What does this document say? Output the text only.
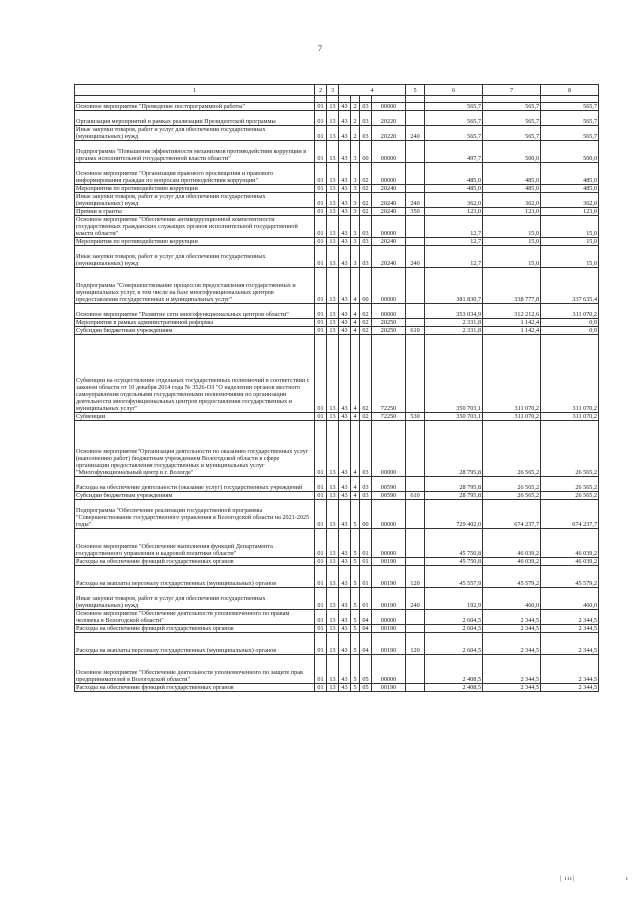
7
1	2	3	4				5	6	7	8

Основное мероприятие "Проведение постпрограммной работы"	01	13	43	2	03	00000		565,7	565,7	565,7
Организация мероприятий в рамках реализации Президентской программы	01	13	43	2	03	20220		565,7	565,7	565,7
Иные закупки товаров, работ и услуг для обеспечения государственных (муниципальных) нужд	01	13	43	2	03	20220	240	565,7	565,7	565,7
Подпрограмма "Повышение эффективности механизмов противодействия коррупции в органах исполнительной государственной власти области"	01	13	43	3	00	00000		497,7	500,0	500,0
Основное мероприятие "Организация правового просвещения и правового информирования граждан по вопросам противодействия коррупции"	01	13	43	3	02	00000		485,0	485,0	485,0
Мероприятия по противодействию коррупции	01	13	43	3	02	20240		485,0	485,0	485,0
Иные закупки товаров, работ и услуг для обеспечения государственных (муниципальных) нужд	01	13	43	3	02	20240	240	362,0	362,0	362,0
Премии и гранты	01	13	43	3	02	20240	350	123,0	123,0	123,0
Основное мероприятие "Обеспечение антикоррупционной компетентности государственных гражданских служащих органов исполнительной государственной власти области"	01	13	43	3	03	00000		12,7	15,0	15,0
Мероприятия по противодействию коррупции	01	13	43	3	03	20240		12,7	15,0	15,0
Иные закупки товаров, работ и услуг для обеспечения государственных (муниципальных) нужд	01	13	43	3	03	20240	240	12,7	15,0	15,0
Подпрограмма "Совершенствование процессов предоставления государственных и муниципальных услуг, в том числе на базе многофункциональных центров предоставления государственных и муниципальных услуг"	01	13	43	4	00	00000		381 830,7	338 777,8	337 635,4
Основное мероприятие "Развитие сети многофункциональных центров области"	01	13	43	4	02	00000		353 034,9	312 212,6	311 070,2
Мероприятия в рамках административной реформы	01	13	43	4	02	20250		2 331,8	1 142,4	0,0
Субсидии бюджетным учреждениям	01	13	43	4	02	20250	610	2 331,8	1 142,4	0,0
Субвенции на осуществление отдельных государственных полномочий в соответствии с законом области от 10 декабря 2014 года № 3526-ОЗ "О наделении органов местного самоуправления отдельными государственными полномочиями по организации деятельности многофункциональных центров предоставления государственных и муниципальных услуг"	01	13	43	4	02	72250		350 703,1	311 070,2	311 070,2
Субвенции	01	13	43	4	02	72250	530	350 703,1	311 070,2	311 070,2
Основное мероприятие"Организация деятельности по оказанию государственных услуг (выполнению работ) бюджетным учреждением Вологодской области в сфере организации предоставления государственных и муниципальных услуг "Многофункциональный центр в г. Вологде"	01	13	43	4	03	00000		28 795,8	26 565,2	26 565,2
Расходы на обеспечение деятельности (оказание услуг) государственных учреждений	01	13	43	4	03	00590		28 795,8	26 565,2	26 565,2
Субсидии бюджетным учреждениям	01	13	43	4	03	00590	610	28 795,8	26 565,2	26 565,2
Подпрограмма "Обеспечение реализации государственной программы "Совершенствование государственного управления в Вологодской области на 2021-2025 годы"	01	13	43	5	00	00000		729 402,0	674 237,7	674 237,7
Основное мероприятие "Обеспечение выполнения функций Департамента государственного управления и кадровой политики области"	01	13	43	5	01	00000		45 750,8	46 039,2	46 039,2
Расходы на обеспечение функций государственных органов	01	13	43	5	01	00190		45 750,8	46 039,2	46 039,2
Расходы на выплаты персоналу государственных (муниципальных) органов	01	13	43	5	01	00190	120	45 557,9	45 579,2	45 579,2
Иные закупки товаров, работ и услуг для обеспечения государственных (муниципальных) нужд	01	13	43	5	01	00190	240	192,9	460,0	460,0
Основное мероприятие "Обеспечение деятельности уполномоченного по правам человека в Вологодской области"	01	13	43	5	04	00000		2 604,5	2 344,5	2 344,5
Расходы на обеспечение функций государственных органов	01	13	43	5	04	00190		2 604,5	2 344,5	2 344,5
Расходы на выплаты персоналу государственных (муниципальных) органов	01	13	43	5	04	00190	120	2 604,5	2 344,5	2 344,5
Основное мероприятие "Обеспечение деятельности уполномоченного по защите прав предпринимателей в Вологодской области"	01	13	43	5	05	00000		2 408,5	2 344,5	2 344,5
Расходы на обеспечение функций государственных органов	01	13	43	5	05	00190		2 408,5	2 344,5	2 344,5
| ııı|	ı
